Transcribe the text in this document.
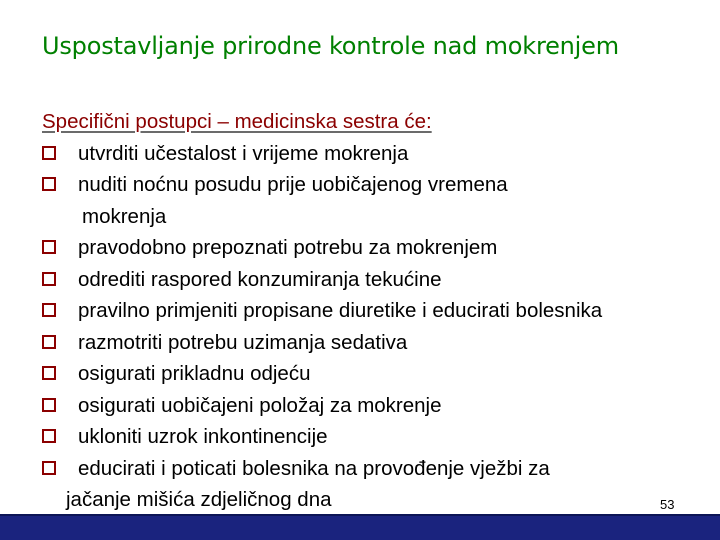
Uspostavljanje prirodne kontrole nad mokrenjem
Specifični postupci – medicinska sestra će:
utvrditi učestalost i vrijeme mokrenja
nuditi noćnu posudu prije uobičajenog vremena
mokrenja
pravodobno prepoznati potrebu za mokrenjem
odrediti raspored konzumiranja tekućine
pravilno primjeniti propisane diuretike i educirati bolesnika
razmotriti potrebu uzimanja sedativa
osigurati prikladnu odjeću
osigurati uobičajeni položaj za mokrenje
ukloniti uzrok inkontinencije
educirati i poticati bolesnika na provođenje vježbi za
jačanje mišića zdjeličnog dna	53
